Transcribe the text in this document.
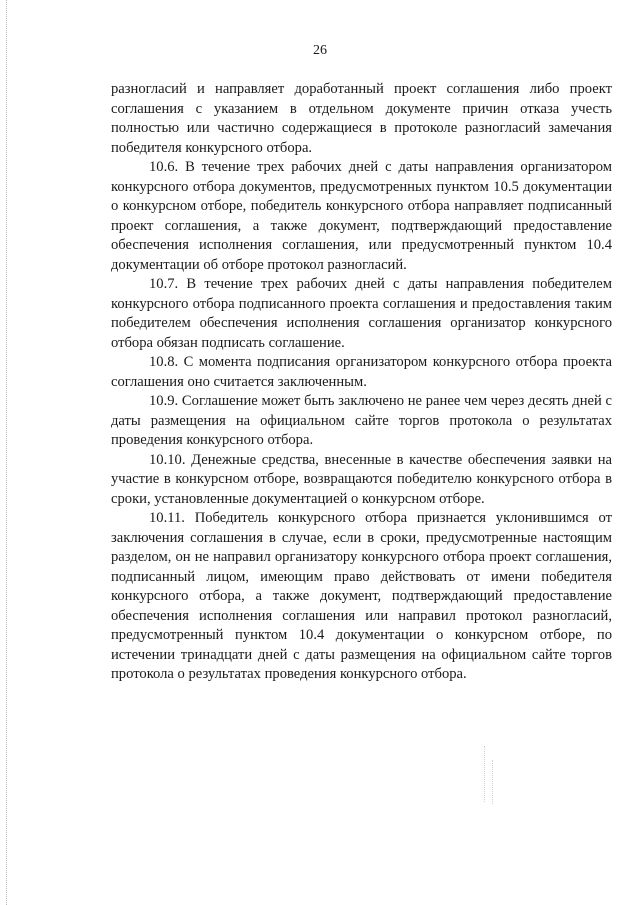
26

разногласий и направляет доработанный проект соглашения либо проект соглашения с указанием в отдельном документе причин отказа учесть полностью или частично содержащиеся в протоколе разногласий замечания победителя конкурсного отбора.

10.6. В течение трех рабочих дней с даты направления организатором конкурсного отбора документов, предусмотренных пунктом 10.5 документации о конкурсном отборе, победитель конкурсного отбора направляет подписанный проект соглашения, а также документ, подтверждающий предоставление обеспечения исполнения соглашения, или предусмотренный пунктом 10.4 документации об отборе протокол разногласий.

10.7. В течение трех рабочих дней с даты направления победителем конкурсного отбора подписанного проекта соглашения и предоставления таким победителем обеспечения исполнения соглашения организатор конкурсного отбора обязан подписать соглашение.

10.8. С момента подписания организатором конкурсного отбора проекта соглашения оно считается заключенным.

10.9. Соглашение может быть заключено не ранее чем через десять дней с даты размещения на официальном сайте торгов протокола о результатах проведения конкурсного отбора.

10.10. Денежные средства, внесенные в качестве обеспечения заявки на участие в конкурсном отборе, возвращаются победителю конкурсного отбора в сроки, установленные документацией о конкурсном отборе.

10.11. Победитель конкурсного отбора признается уклонившимся от заключения соглашения в случае, если в сроки, предусмотренные настоящим разделом, он не направил организатору конкурсного отбора проект соглашения, подписанный лицом, имеющим право действовать от имени победителя конкурсного отбора, а также документ, подтверждающий предоставление обеспечения исполнения соглашения или направил протокол разногласий, предусмотренный пунктом 10.4 документации о конкурсном отборе, по истечении тринадцати дней с даты размещения на официальном сайте торгов протокола о результатах проведения конкурсного отбора.
